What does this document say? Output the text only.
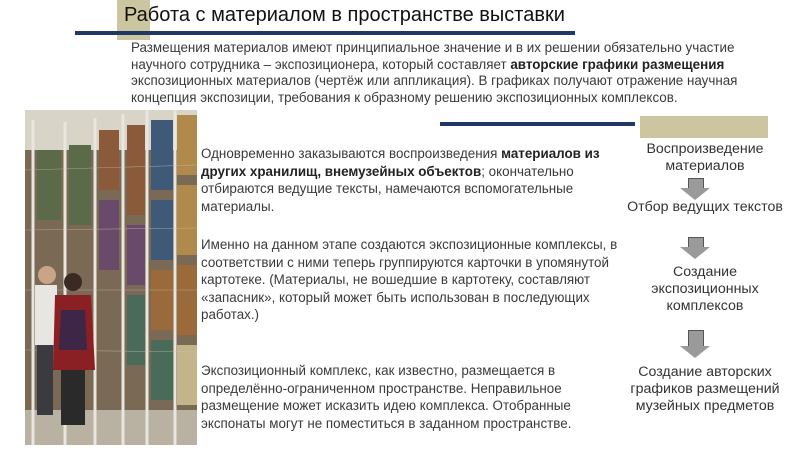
Работа с материалом в пространстве выставки
Размещения материалов имеют принципиальное значение и в их решении обязательно участие научного сотрудника – экспозиционера, который составляет авторские графики размещения экспозиционных материалов (чертёж или аппликация). В графиках получают отражение научная концепция экспозиции, требования к образному решению экспозиционных комплексов.
Одновременно заказываются воспроизведения материалов из других хранилищ, внемузейных объектов; окончательно отбираются ведущие тексты, намечаются вспомогательные материалы.
Именно на данном этапе создаются экспозиционные комплексы, в соответствии с ними теперь группируются карточки в упомянутой картотеке. (Материалы, не вошедшие в картотеку, составляют «запасник», который может быть использован в последующих работах.)
Экспозиционный комплекс, как известно, размещается в определённо-ограниченном пространстве. Неправильное размещение может исказить идею комплекса. Отобранные экспонаты могут не поместиться в заданном пространстве.
Воспроизведение материалов
Отбор ведущих текстов
Создание экспозиционных комплексов
Создание авторских графиков размещений музейных предметов
